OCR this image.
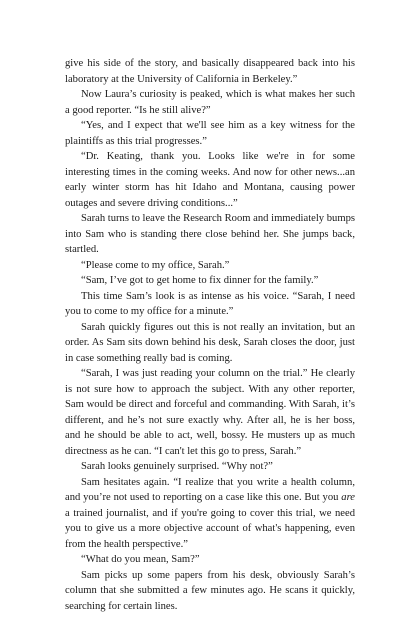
give his side of the story, and basically disappeared back into his laboratory at the University of California in Berkeley.”

Now Laura’s curiosity is peaked, which is what makes her such a good reporter. “Is he still alive?”

“Yes, and I expect that we'll see him as a key witness for the plaintiffs as this trial progresses.”

“Dr. Keating, thank you. Looks like we're in for some interesting times in the coming weeks. And now for other news...an early winter storm has hit Idaho and Montana, causing power outages and severe driving conditions...”

Sarah turns to leave the Research Room and immediately bumps into Sam who is standing there close behind her. She jumps back, startled.

“Please come to my office, Sarah.”

“Sam, I’ve got to get home to fix dinner for the family.”

This time Sam’s look is as intense as his voice. “Sarah, I need you to come to my office for a minute.”

Sarah quickly figures out this is not really an invitation, but an order. As Sam sits down behind his desk, Sarah closes the door, just in case something really bad is coming.

“Sarah, I was just reading your column on the trial.” He clearly is not sure how to approach the subject. With any other reporter, Sam would be direct and forceful and commanding. With Sarah, it’s different, and he’s not sure exactly why. After all, he is her boss, and he should be able to act, well, bossy. He musters up as much directness as he can. “I can't let this go to press, Sarah.”

Sarah looks genuinely surprised. “Why not?”

Sam hesitates again. “I realize that you write a health column, and you’re not used to reporting on a case like this one. But you are a trained journalist, and if you're going to cover this trial, we need you to give us a more objective account of what's happening, even from the health perspective.”

“What do you mean, Sam?”

Sam picks up some papers from his desk, obviously Sarah’s column that she submitted a few minutes ago. He scans it quickly, searching for certain lines.
